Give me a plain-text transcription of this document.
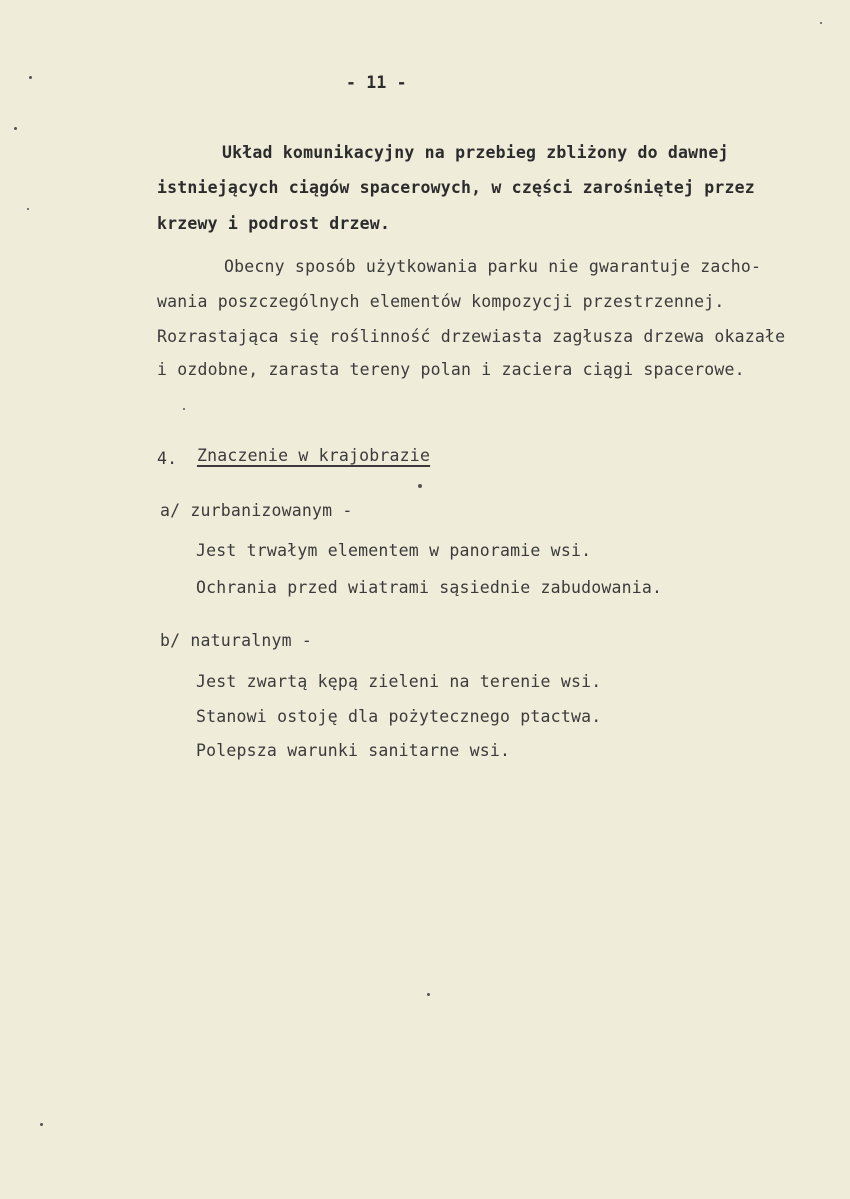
- 11 -
Układ komunikacyjny na przebieg zbliżony do dawnej
istniejących ciągów spacerowych, w części zarośniętej przez
krzewy i podrost drzew.
Obecny sposób użytkowania parku nie gwarantuje zacho-
wania poszczególnych elementów kompozycji przestrzennej.
Rozrastająca się roślinność drzewiasta zagłusza drzewa okazałe
i ozdobne, zarasta tereny polan i zaciera ciągi spacerowe.
4. Znaczenie w krajobrazie
a/ zurbanizowanym -
Jest trwałym elementem w panoramie wsi.
Ochrania przed wiatrami sąsiednie zabudowania.
b/ naturalnym -
Jest zwartą kępą zieleni na terenie wsi.
Stanowi ostoję dla pożytecznego ptactwa.
Polepsza warunki sanitarne wsi.
